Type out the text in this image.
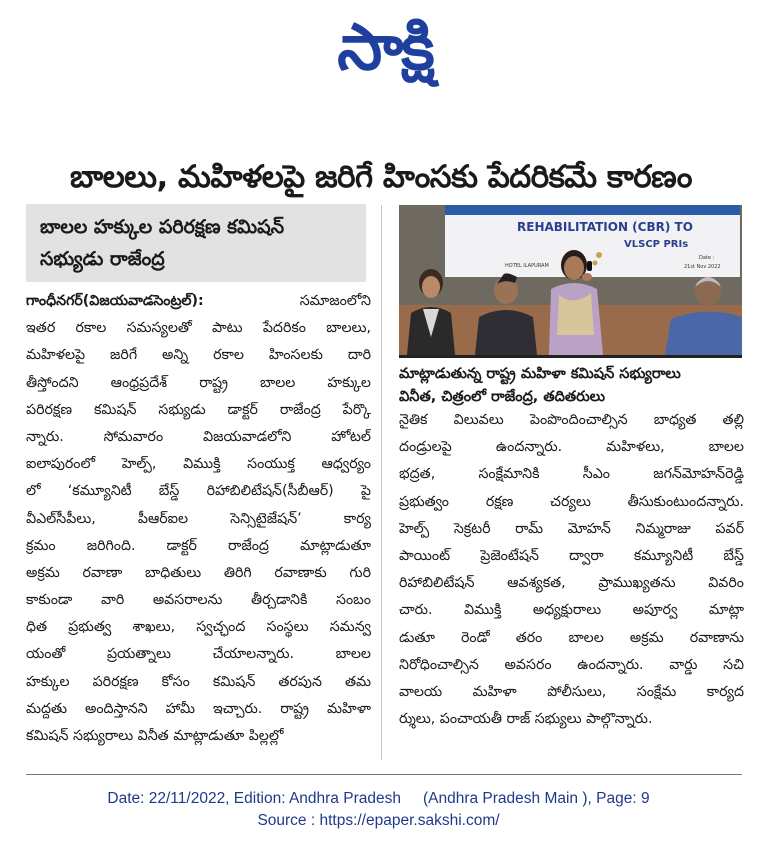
సాక్షి
బాలలు, మహిళలపై జరిగే హింసకు పేదరికమే కారణం
బాలల హక్కుల పరిరక్షణ కమిషన్
సభ్యుడు రాజేంద్ర
REHABILITATION (CBR) TO
VLSCP PRIs
HOTEL ILAPURAM
Date :
21st Nov 2022
మాట్లాడుతున్న రాష్ట్ర మహిళా కమిషన్ సభ్యురాలు
వినీత, చిత్రంలో రాజేంద్ర, తదితరులు
గాంధీనగర్(విజయవాడసెంట్రల్):	సమాజంలోని
ఇతర రకాల సమస్యలతో పాటు పేదరికం బాలలు,
మహిళలపై జరిగే అన్ని రకాల హింసలకు దారి
తీస్తోందని ఆంధ్రప్రదేశ్ రాష్ట్ర బాలల హక్కుల
పరిరక్షణ కమిషన్ సభ్యుడు డాక్టర్ రాజేంద్ర పేర్కొ
న్నారు. సోమవారం విజయవాడలోని హోటల్
ఐలాపురంలో హెల్ప్, విముక్తి సంయుక్త ఆధ్వర్యం
లో ‘కమ్యూనిటీ బేస్డ్ రిహాబిలిటేషన్(సీబీఆర్) పై
వీఎల్‌సీపీలు, పీఆర్ఐల సెన్సిటైజేషన్’ కార్య
క్రమం జరిగింది. డాక్టర్ రాజేంద్ర మాట్లాడుతూ
అక్రమ రవాణా బాధితులు తిరిగి రవాణాకు గురి
కాకుండా వారి అవసరాలను తీర్చడానికి సంబం
ధిత ప్రభుత్వ శాఖలు, స్వచ్ఛంద సంస్థలు సమన్వ
యంతో ప్రయత్నాలు చేయాలన్నారు. బాలల
హక్కుల పరిరక్షణ కోసం కమిషన్ తరపున తమ
మద్దతు అందిస్తానని హామీ ఇచ్చారు. రాష్ట్ర మహిళా
కమిషన్ సభ్యురాలు వినీత మాట్లాడుతూ పిల్లల్లో
నైతిక విలువలు పెంపొందించాల్సిన బాధ్యత తల్లి
దండ్రులపై ఉందన్నారు. మహిళలు, బాలల
భద్రత, సంక్షేమానికి సీఎం జగన్‌మోహన్‌రెడ్డి
ప్రభుత్వం రక్షణ చర్యలు తీసుకుంటుందన్నారు.
హెల్ప్ సెక్రటరీ రామ్ మోహన్ నిమ్మరాజు పవర్
పాయింట్ ప్రెజెంటేషన్ ద్వారా కమ్యూనిటీ బేస్డ్
రిహాబిలిటేషన్ ఆవశ్యకత, ప్రాముఖ్యతను వివరిం
చారు. విముక్తి అధ్యక్షురాలు అపూర్వ మాట్లా
డుతూ రెండో తరం బాలల అక్రమ రవాణాను
నిరోధించాల్సిన అవసరం ఉందన్నారు. వార్డు సచి
వాలయ మహిళా పోలీసులు, సంక్షేమ కార్యద
ర్శులు, పంచాయతీ రాజ్ సభ్యులు పాల్గొన్నారు.
Date: 22/11/2022, Edition: Andhra Pradesh (Andhra Pradesh Main ), Page: 9
Source : https://epaper.sakshi.com/
